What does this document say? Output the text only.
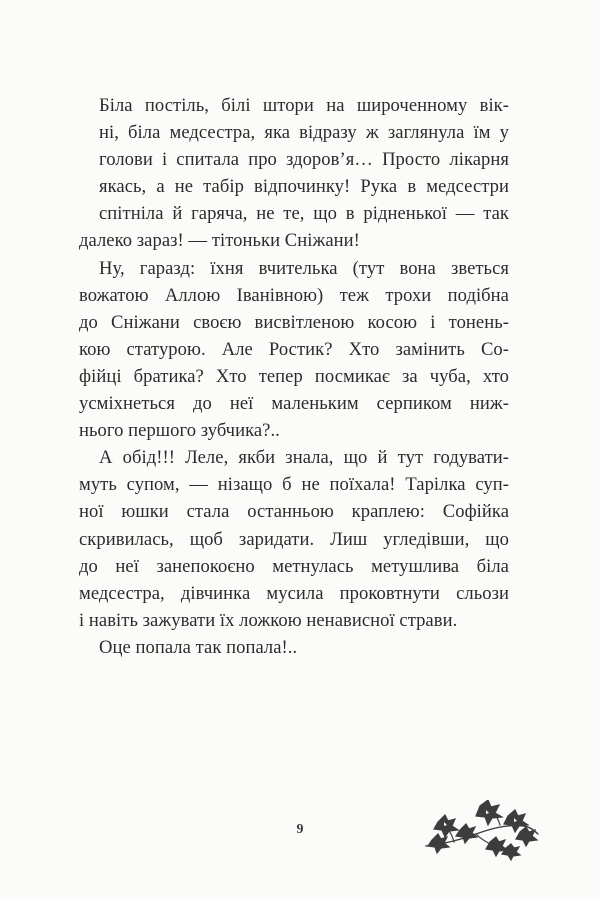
Біла постіль, білі штори на широченному вік-
ні, біла медсестра, яка відразу ж заглянула їм у
голови і спитала про здоров’я… Просто лікарня
якась, а не табір відпочинку! Рука в медсестри
спітніла й гаряча, не те, що в рідненької — так
далеко зараз! — тітоньки Сніжани!
Ну, гаразд: їхня вчителька (тут вона зветься
вожатою Аллою Іванівною) теж трохи подібна
до Сніжани своєю висвітленою косою і тонень-
кою статурою. Але Ростик? Хто замінить Со-
фійці братика? Хто тепер посмикає за чуба, хто
усміхнеться до неї маленьким серпиком ниж-
нього першого зубчика?..
А обід!!! Леле, якби знала, що й тут годувати-
муть супом, — нізащо б не поїхала! Тарілка суп-
ної юшки стала останньою краплею: Софійка
скривилась, щоб заридати. Лиш угледівши, що
до неї занепокоєно метнулась метушлива біла
медсестра, дівчинка мусила проковтнути сльози
і навіть зажувати їх ложкою ненависної страви.
Оце попала так попала!..
9
